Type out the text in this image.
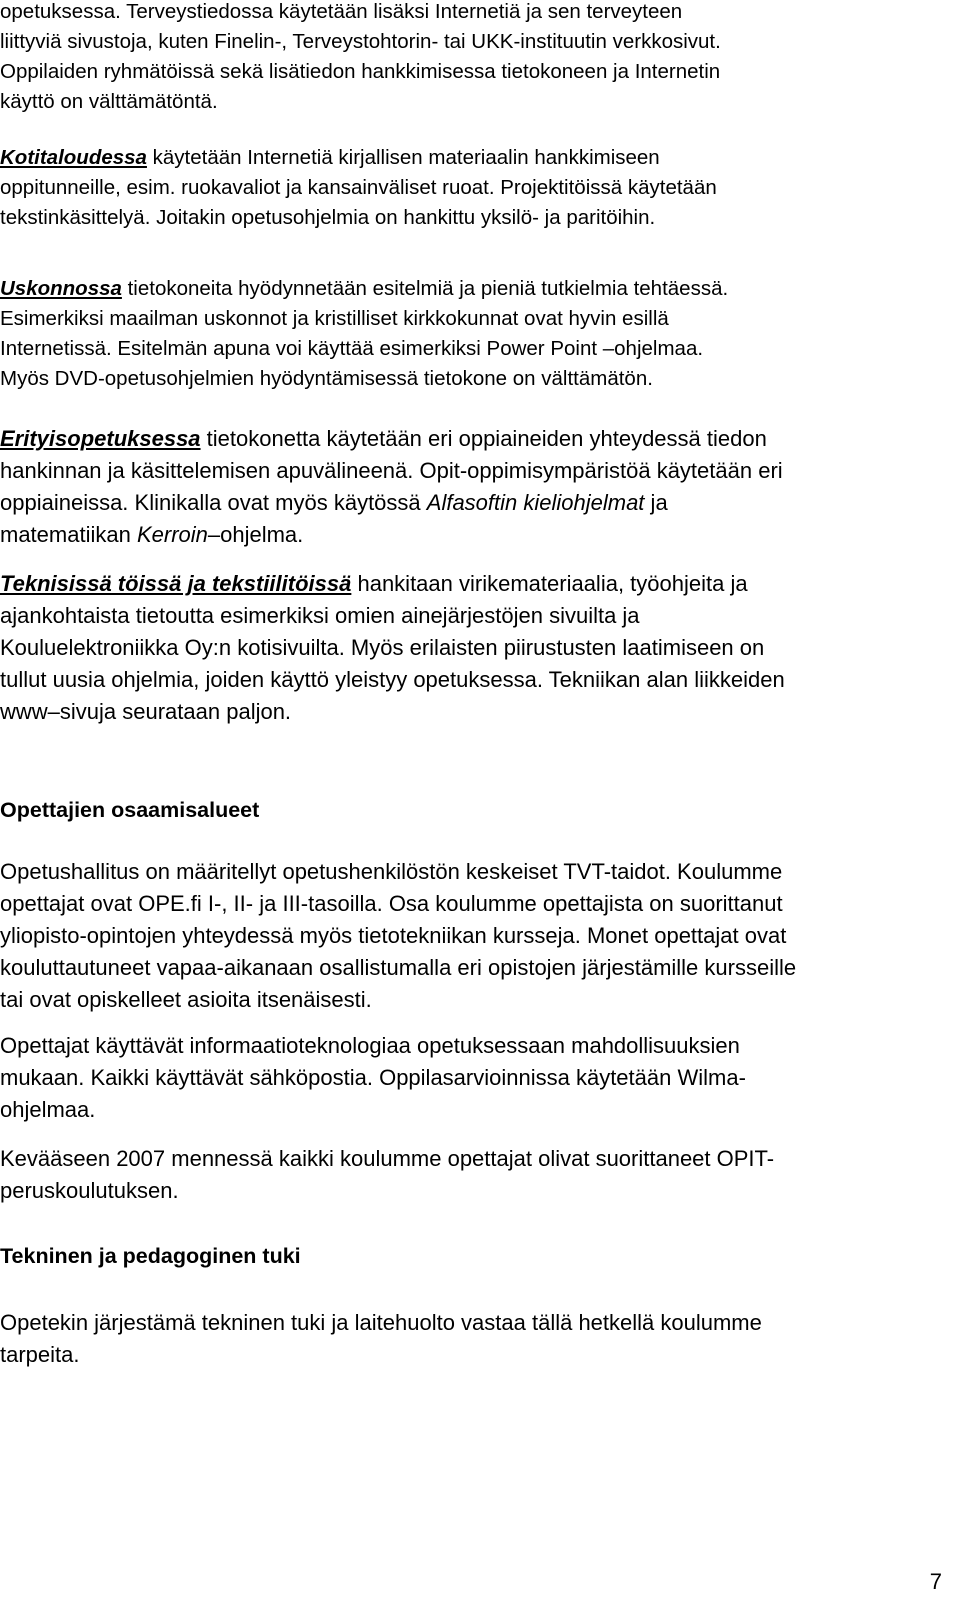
opetuksessa. Terveystiedossa käytetään lisäksi Internetiä ja sen terveyteen
liittyviä sivustoja, kuten Finelin-, Terveystohtorin- tai UKK-instituutin verkkosivut.
Oppilaiden ryhmätöissä sekä lisätiedon hankkimisessa tietokoneen ja Internetin
käyttö on välttämätöntä.
Kotitaloudessa käytetään Internetiä kirjallisen materiaalin hankkimiseen
oppitunneille, esim. ruokavaliot ja kansainväliset ruoat. Projektitöissä käytetään
tekstinkäsittelyä. Joitakin opetusohjelmia on hankittu yksilö- ja paritöihin.
Uskonnossa tietokoneita hyödynnetään esitelmiä ja pieniä tutkielmia tehtäessä.
Esimerkiksi maailman uskonnot ja kristilliset kirkkokunnat ovat hyvin esillä
Internetissä. Esitelmän apuna voi käyttää esimerkiksi Power Point –ohjelmaa.
Myös DVD-opetusohjelmien hyödyntämisessä tietokone on välttämätön.
Erityisopetuksessa tietokonetta käytetään eri oppiaineiden yhteydessä tiedon
hankinnan ja käsittelemisen apuvälineenä. Opit-oppimisympäristöä käytetään eri
oppiaineissa. Klinikalla ovat myös käytössä Alfasoftin kieliohjelmat ja
matematiikan Kerroin–ohjelma.
Teknisissä töissä ja tekstiilitöissä hankitaan virikemateriaalia, työohjeita ja
ajankohtaista tietoutta esimerkiksi omien ainejärjestöjen sivuilta ja
Kouluelektroniikka Oy:n kotisivuilta. Myös erilaisten piirustusten laatimiseen on
tullut uusia ohjelmia, joiden käyttö yleistyy opetuksessa. Tekniikan alan liikkeiden
www–sivuja seurataan paljon.
Opettajien osaamisalueet
Opetushallitus on määritellyt opetushenkilöstön keskeiset TVT-taidot. Koulumme
opettajat ovat OPE.fi I-, II- ja III-tasoilla. Osa koulumme opettajista on suorittanut
yliopisto-opintojen yhteydessä myös tietotekniikan kursseja. Monet opettajat ovat
kouluttautuneet vapaa-aikanaan osallistumalla eri opistojen järjestämille kursseille
tai ovat opiskelleet asioita itsenäisesti.
Opettajat käyttävät informaatioteknologiaa opetuksessaan mahdollisuuksien
mukaan. Kaikki käyttävät sähköpostia. Oppilasarvioinnissa käytetään Wilma-
ohjelmaa.
Kevääseen 2007 mennessä kaikki koulumme opettajat olivat suorittaneet OPIT-
peruskoulutuksen.
Tekninen ja pedagoginen tuki
Opetekin järjestämä tekninen tuki ja laitehuolto vastaa tällä hetkellä koulumme
tarpeita.
7
